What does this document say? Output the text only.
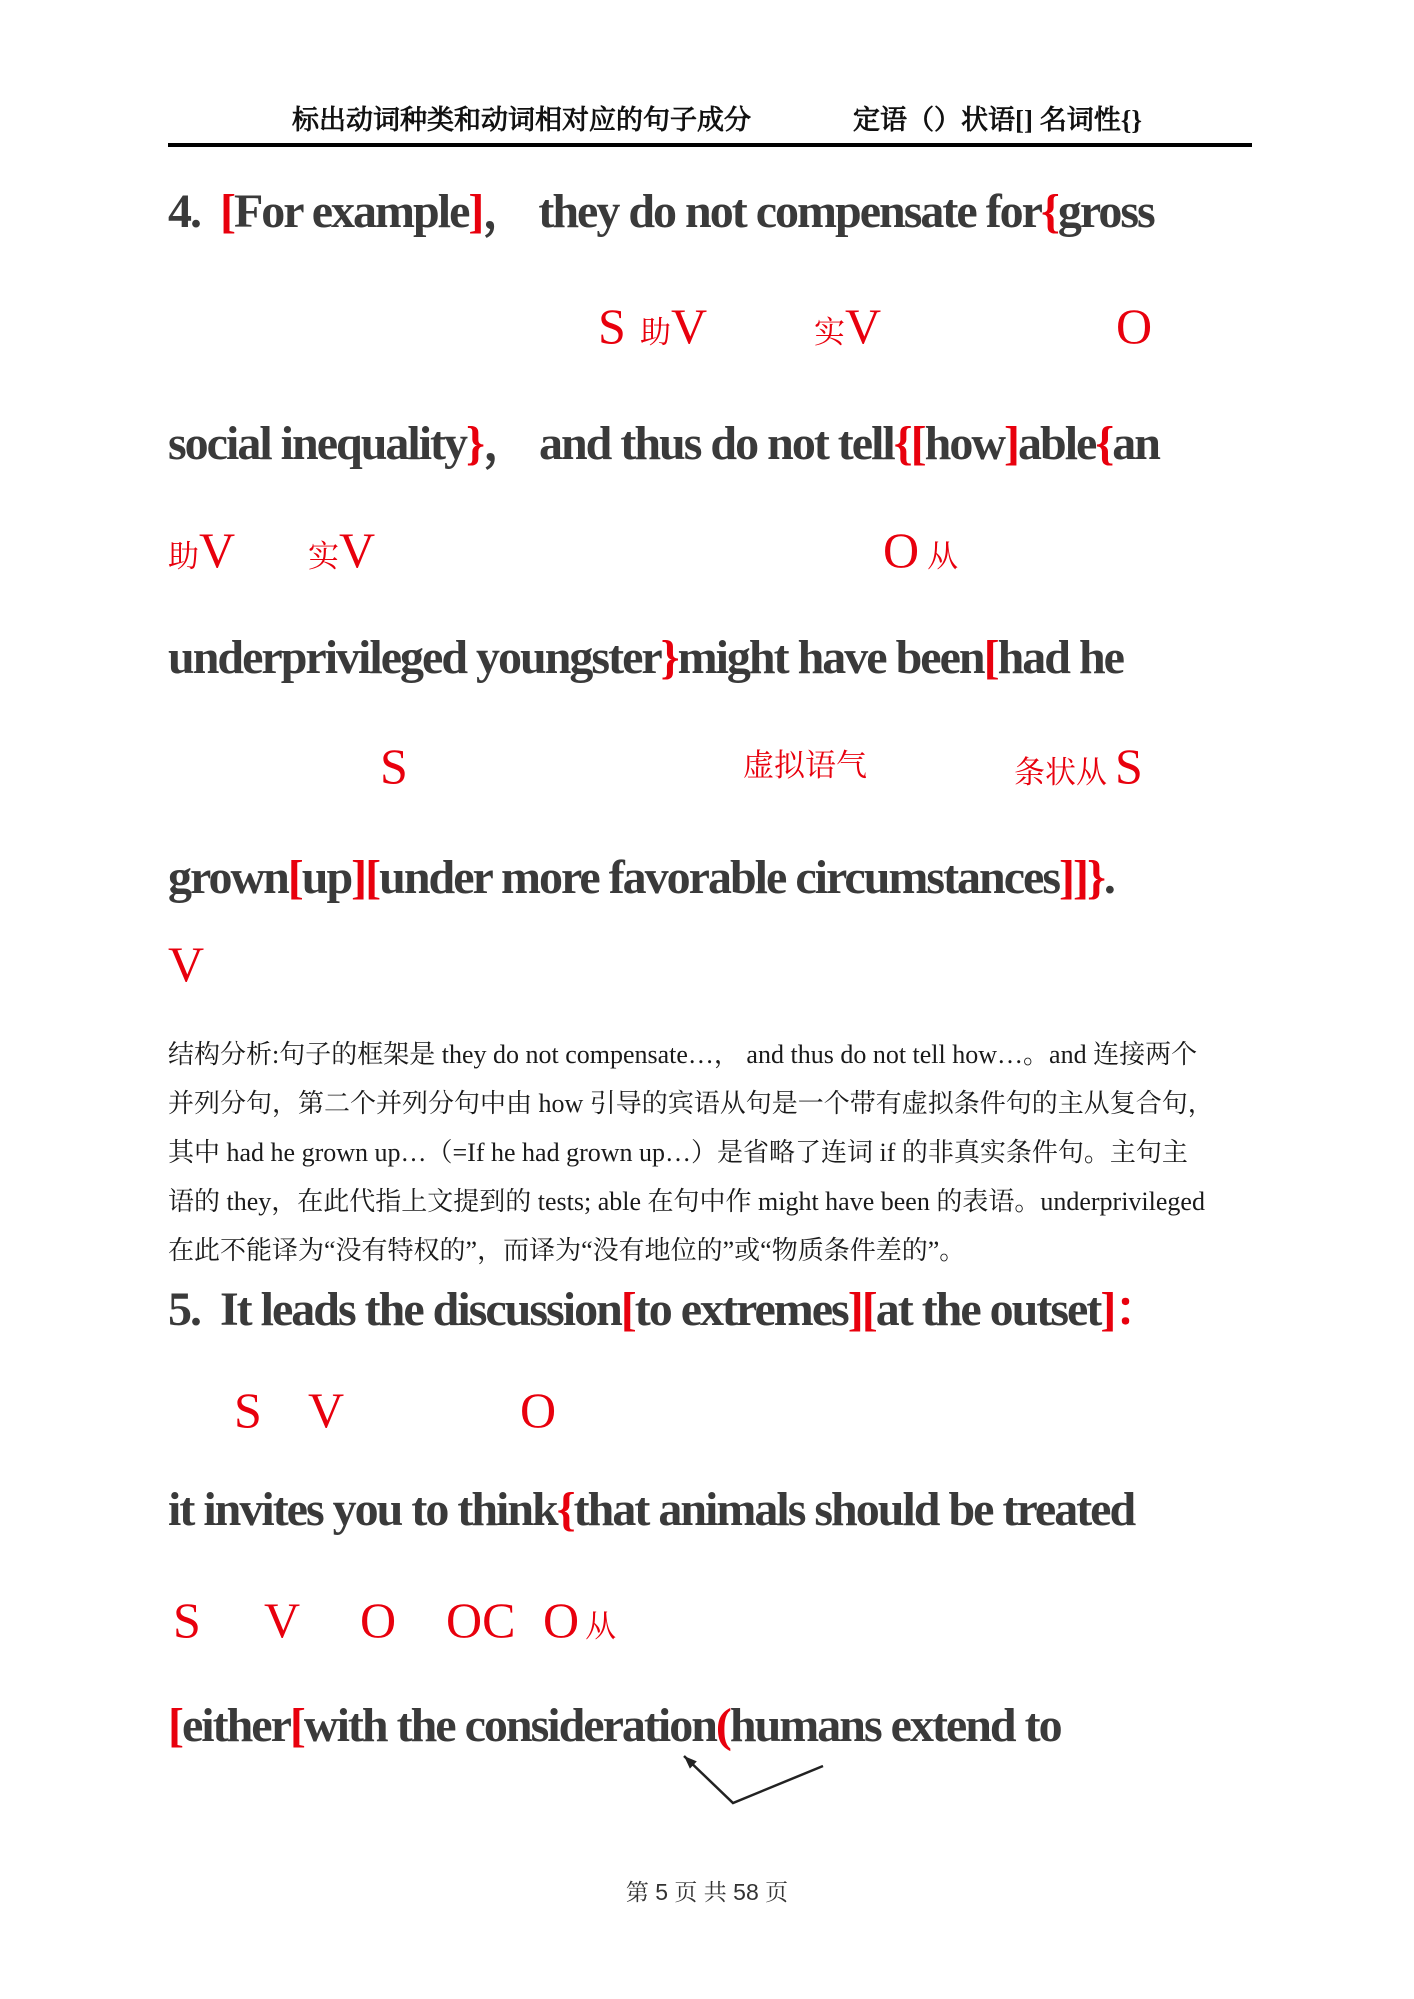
标出动词种类和动词相对应的句子成分	定语（）状语[] 名词性{}
4. [For example]， they do not compensate for{gross
S 助V	实V	O
social inequality}， and thus do not tell{[how]able{an
助V 实V	O从
underprivileged youngster}might have been[had he
S	虚拟语气	条状从 S
grown[up][under more favorable circumstances]]}.
V
结构分析:句子的框架是 they do not compensate…， and thus do not tell how…。and 连接两个
并列分句，第二个并列分句中由 how 引导的宾语从句是一个带有虚拟条件句的主从复合句，
其中 had he grown up…（=If he had grown up…）是省略了连词 if 的非真实条件句。主句主
语的 they，在此代指上文提到的 tests; able 在句中作 might have been 的表语。underprivileged
在此不能译为“没有特权的”，而译为“没有地位的”或“物质条件差的”。
5.  It leads the discussion[to extremes][at the outset]：
S V	O
it invites you to think{that animals should be treated
S V O OC O从
[either[with the consideration(humans extend to
第 5 页 共 58 页
